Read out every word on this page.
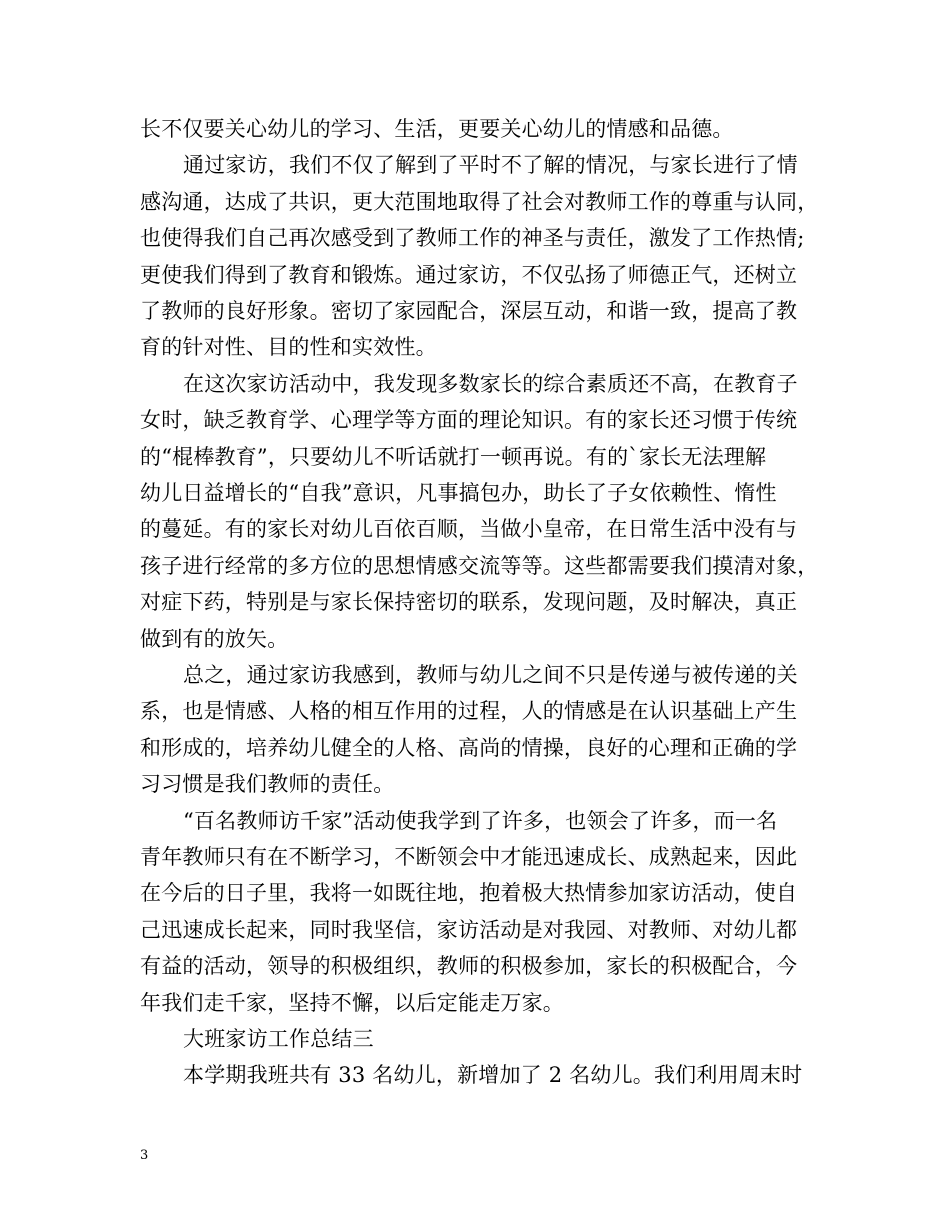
长不仅要关心幼儿的学习、生活，更要关心幼儿的情感和品德。
通过家访，我们不仅了解到了平时不了解的情况，与家长进行了情
感沟通，达成了共识，更大范围地取得了社会对教师工作的尊重与认同，
也使得我们自己再次感受到了教师工作的神圣与责任，激发了工作热情;
更使我们得到了教育和锻炼。通过家访，不仅弘扬了师德正气，还树立
了教师的良好形象。密切了家园配合，深层互动，和谐一致，提高了教
育的针对性、目的性和实效性。
在这次家访活动中，我发现多数家长的综合素质还不高，在教育子
女时，缺乏教育学、心理学等方面的理论知识。有的家长还习惯于传统
的“棍棒教育”，只要幼儿不听话就打一顿再说。有的`家长无法理解
幼儿日益增长的“自我”意识，凡事搞包办，助长了子女依赖性、惰性
的蔓延。有的家长对幼儿百依百顺，当做小皇帝，在日常生活中没有与
孩子进行经常的多方位的思想情感交流等等。这些都需要我们摸清对象，
对症下药，特别是与家长保持密切的联系，发现问题，及时解决，真正
做到有的放矢。
总之，通过家访我感到，教师与幼儿之间不只是传递与被传递的关
系，也是情感、人格的相互作用的过程，人的情感是在认识基础上产生
和形成的，培养幼儿健全的人格、高尚的情操，良好的心理和正确的学
习习惯是我们教师的责任。
“百名教师访千家”活动使我学到了许多，也领会了许多，而一名
青年教师只有在不断学习，不断领会中才能迅速成长、成熟起来，因此
在今后的日子里，我将一如既往地，抱着极大热情参加家访活动，使自
己迅速成长起来，同时我坚信，家访活动是对我园、对教师、对幼儿都
有益的活动，领导的积极组织，教师的积极参加，家长的积极配合，今
年我们走千家，坚持不懈，以后定能走万家。
大班家访工作总结三
本学期我班共有 33 名幼儿，新增加了 2 名幼儿。我们利用周末时
3
